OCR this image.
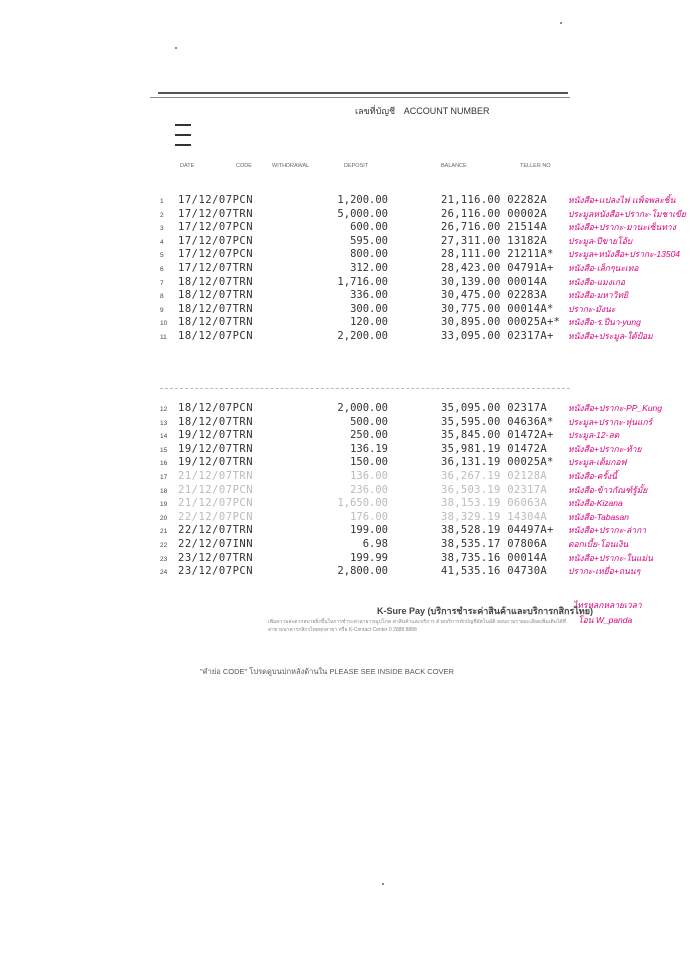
เลขที่บัญชี ACCOUNT NUMBER
DATE	CODE	WITHDRAWAL	DEPOSIT	BALANCE	TELLER NO
1 17/12/07PCN	1,200.00	21,116.00 02282A หนังสือ+เเปลงไฟ เเพ็จพละชิ้น
2 17/12/07TRN	5,000.00	26,116.00 00002A ประมูลหนังสือ+ปรากะ-โมชาเขีย
3 17/12/07PCN	600.00	26,716.00 21514A หนังสือ+ปรากะ-มานะเซ็นทาง
4 17/12/07PCN	595.00	27,311.00 13182A ประมูล-ปีขายโอ้บ
5 17/12/07PCN	800.00	28,111.00 21211A* ประมูล+หนังสือ+ปรากะ-13504
6 17/12/07TRN	312.00	28,423.00 04791A+ หนังสือ-เล็กๆนะเทอ
7 18/12/07TRN	1,716.00	30,139.00 00014A หนังสือ-แมงเกอ
8 18/12/07TRN	336.00	30,475.00 02283A หนังสือ-มหาวิทยิ
9 18/12/07TRN	300.00	30,775.00 00014A* ปรากะ-มังนะ
10 18/12/07TRN	120.00	30,895.00 00025A+* หนังสือ-ร.ปีนา-yung
11 18/12/07PCN	2,200.00	33,095.00 02317A+ หนังสือ+ประมูล-ใต้ป้อม
12 18/12/07PCN	2,000.00	35,095.00 02317A หนังสือ+ปรากะ-PP_Kung
13 18/12/07TRN	500.00	35,595.00 04636A* ประมูล+ปรากะ-หุ่นแกร์
14 19/12/07TRN	250.00	35,845.00 01472A+ ประมูล-12-ลต
15 19/12/07TRN	136.19	35,981.19 01472A หนังสือ+ปรากะ-ท้าย
16 19/12/07TRN	150.00	36,131.19 00025A* ประมูล-เต็มกอฟ
17 21/12/07TRN	136.00	36,267.19 02128A หนังสือ-ครั้งนี้
18 21/12/07PCN	236.00	36,503.19 02317A หนังสือ-ข้าวกัณฑ์รู้มั้ย
19 21/12/07PCN	1,650.00	38,153.19 06063A หนังสือ-Kizana
20 22/12/07PCN	176.00	38,329.19 14304A หนังสือ-Tabasan
21 22/12/07TRN	199.00	38,528.19 04497A+ หนังสือ+ปรากะ-ล่ากา
22 22/12/07INN	6.98	38,535.17 07806A ดอกเบี้ย-โอนเงิน
23 23/12/07TRN	199.99	38,735.16 00014A หนังสือ+ปรากะ-ในแม่น
24 23/12/07PCN	2,800.00	41,535.16 04730A ปรากะ-เหยื่อ+ถนนๆ
ไทรหลกหลายเวลา
โอน W_panda
K-Sure Pay (บริการชำระค่าสินค้าและบริการกสิกรไทย)
เพิ่มความสะดวกสบายยิ่งขึ้นในการชำระค่าสาธารณูปโภค ค่าสินค้าและบริการ ด้วยบริการหักบัญชีอัตโนมัติ สอบถามรายละเอียดเพิ่มเติมได้ที่สาขาธนาคารกสิกรไทยทุกสาขา หรือ K-Contact Center 0 2888 8888
"คำย่อ CODE" โปรดดูบนปกหลังด้านใน PLEASE SEE INSIDE BACK COVER
